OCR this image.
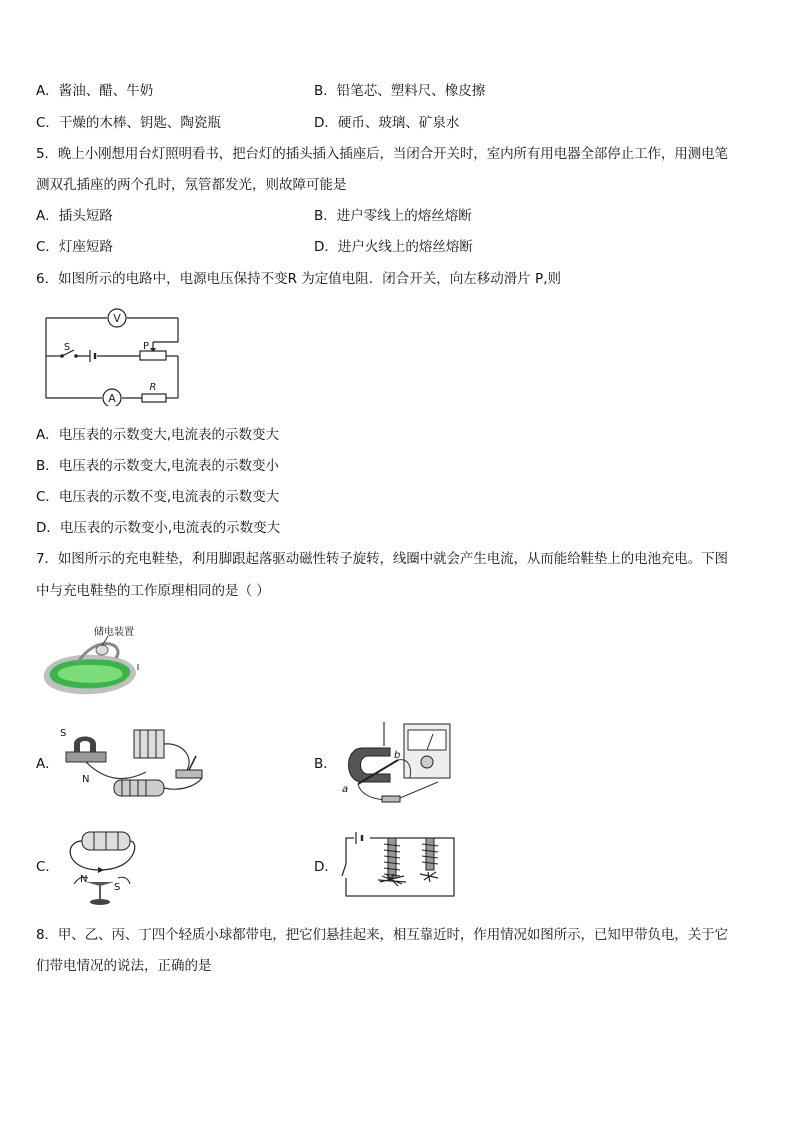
A．酱油、醋、牛奶	B．铅笔芯、塑料尺、橡皮擦
C．干燥的木棒、钥匙、陶瓷瓶	D．硬币、玻璃、矿泉水
5．晚上小刚想用台灯照明看书，把台灯的插头插入插座后，当闭合开关时，室内所有用电器全部停止工作，用测电笔
测双孔插座的两个孔时，氖管都发光，则故障可能是
A．插头短路	B．进户零线上的熔丝熔断
C．灯座短路	D．进户火线上的熔丝熔断
6．如图所示的电路中，电源电压保持不变R 为定值电阻．闭合开关，向左移动滑片 P,则
V
A
S	P
R
A．电压表的示数变大,电流表的示数变大
B．电压表的示数变大,电流表的示数变小
C．电压表的示数不变,电流表的示数变大
D．电压表的示数变小,电流表的示数变大
7．如图所示的充电鞋垫，利用脚跟起落驱动磁性转子旋转，线圈中就会产生电流，从而能给鞋垫上的电池充电。下图
中与充电鞋垫的工作原理相同的是（ ）
储电装置
A．
S
N
B．
a
b
C．
N
S
D．
8．甲、乙、丙、丁四个轻质小球都带电，把它们悬挂起来，相互靠近时，作用情况如图所示，已知甲带负电，关于它
们带电情况的说法，正确的是
